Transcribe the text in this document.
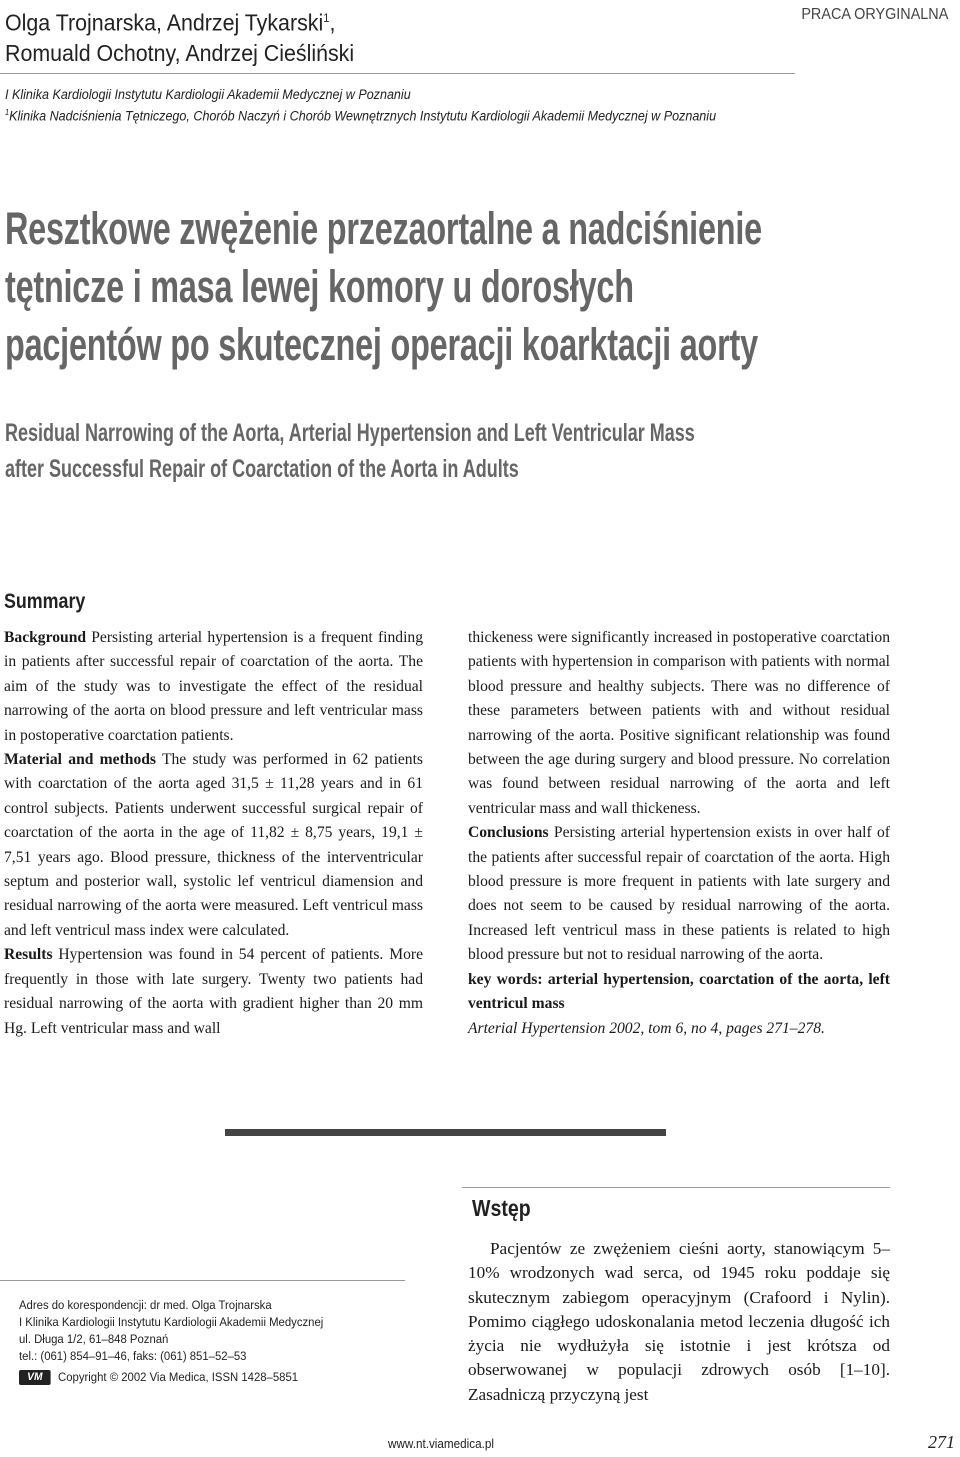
Olga Trojnarska, Andrzej Tykarski$^1$,
Romuald Ochotny, Andrzej Cieśliński
PRACA ORYGINALNA
I Klinika Kardiologii Instytutu Kardiologii Akademii Medycznej w Poznaniu
$^1$Klinika Nadciśnienia Tętniczego, Chorób Naczyń i Chorób Wewnętrznych Instytutu Kardiologii Akademii Medycznej w Poznaniu
Resztkowe zwężenie przezaortalne a nadciśnienie
tętnicze i masa lewej komory u dorosłych
pacjentów po skutecznej operacji koarktacji aorty
Residual Narrowing of the Aorta, Arterial Hypertension and Left Ventricular Mass
after Successful Repair of Coarctation of the Aorta in Adults
Summary

Background Persisting arterial hypertension is a frequent finding in patients after successful repair of coarctation of the aorta. The aim of the study was to investigate the effect of the residual narrowing of the aorta on blood pressure and left ventricular mass in postoperative coarctation patients.

Material and methods The study was performed in 62 patients with coarctation of the aorta aged 31,5 ± 11,28 years and in 61 control subjects. Patients underwent successful surgical repair of coarctation of the aorta in the age of 11,82 ± 8,75 years, 19,1 ± 7,51 years ago. Blood pressure, thickness of the interventricular septum and posterior wall, systolic lef ventricul diamension and residual narrowing of the aorta were measured. Left ventricul mass and left ventricul mass index were calculated.

Results Hypertension was found in 54 percent of patients. More frequently in those with late surgery. Twenty two patients had residual narrowing of the aorta with gradient higher than 20 mm Hg. Left ventricular mass and wall

thickeness were significantly increased in postoperative coarctation patients with hypertension in comparison with patients with normal blood pressure and healthy subjects. There was no difference of these parameters between patients with and without residual narrowing of the aorta. Positive significant relationship was found between the age during surgery and blood pressure. No correlation was found between residual narrowing of the aorta and left ventricular mass and wall thickeness.

Conclusions Persisting arterial hypertension exists in over half of the patients after successful repair of coarctation of the aorta. High blood pressure is more frequent in patients with late surgery and does not seem to be caused by residual narrowing of the aorta. Increased left ventricul mass in these patients is related to high blood pressure but not to residual narrowing of the aorta.

key words: arterial hypertension, coarctation of the aorta, left ventricul mass

Arterial Hypertension 2002, tom 6, no 4, pages 271–278.

Wstęp

Pacjentów ze zwężeniem cieśni aorty, stanowiącym 5–10% wrodzonych wad serca, od 1945 roku poddaje się skutecznym zabiegom operacyjnym (Crafoord i Nylin). Pomimo ciągłego udoskonalania metod leczenia długość ich życia nie wydłużyła się istotnie i jest krótsza od obserwowanej w populacji zdrowych osób [1–10]. Zasadniczą przyczyną jest

Adres do korespondencji: dr med. Olga Trojnarska
I Klinika Kardiologii Instytutu Kardiologii Akademii Medycznej
ul. Długa 1/2, 61–848 Poznań
tel.: (061) 854–91–46, faks: (061) 851–52–53
VM Copyright © 2002 Via Medica, ISSN 1428–5851
www.nt.viamedica.pl	271
